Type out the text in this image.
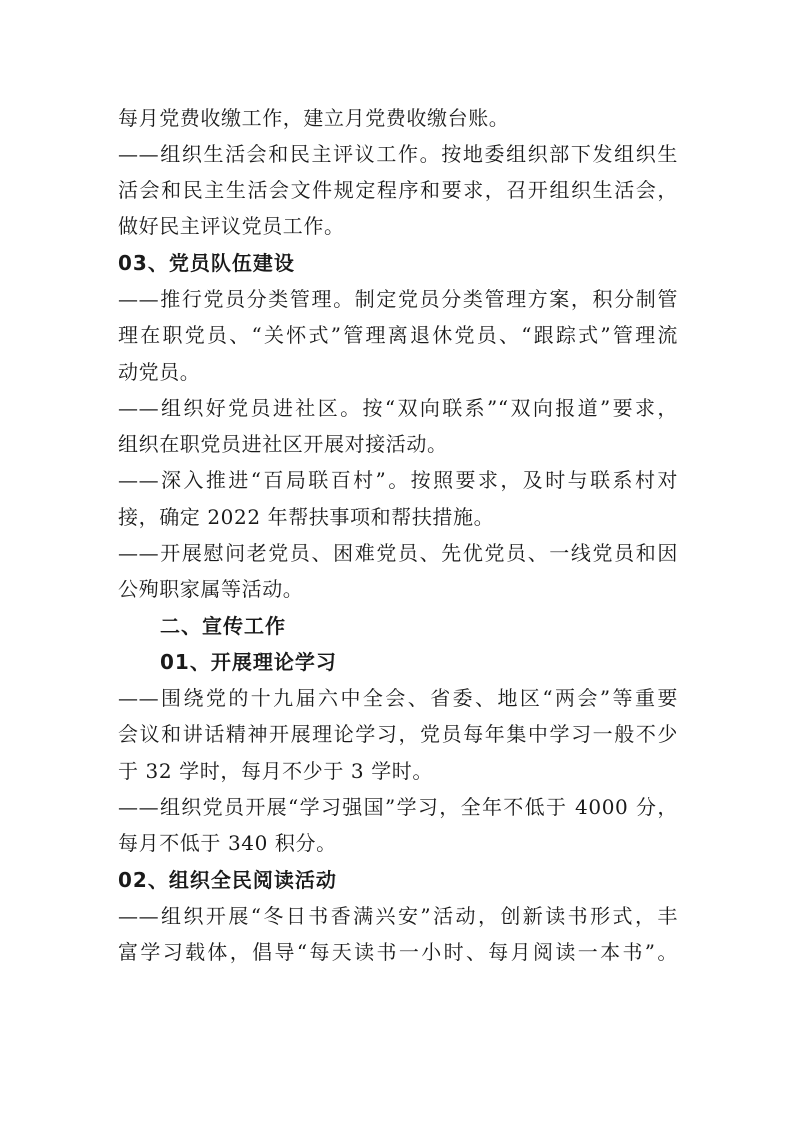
每月党费收缴工作，建立月党费收缴台账。
——组织生活会和民主评议工作。按地委组织部下发组织生
活会和民主生活会文件规定程序和要求，召开组织生活会，
做好民主评议党员工作。
03、党员队伍建设
——推行党员分类管理。制定党员分类管理方案，积分制管
理在职党员、“关怀式”管理离退休党员、“跟踪式”管理流
动党员。
——组织好党员进社区。按“双向联系”“双向报道”要求，
组织在职党员进社区开展对接活动。
——深入推进“百局联百村”。按照要求，及时与联系村对
接，确定 2022 年帮扶事项和帮扶措施。
——开展慰问老党员、困难党员、先优党员、一线党员和因
公殉职家属等活动。
二、宣传工作
01、开展理论学习
——围绕党的十九届六中全会、省委、地区“两会”等重要
会议和讲话精神开展理论学习，党员每年集中学习一般不少
于 32 学时，每月不少于 3 学时。
——组织党员开展“学习强国”学习，全年不低于 4000 分，
每月不低于 340 积分。
02、组织全民阅读活动
——组织开展“冬日书香满兴安”活动，创新读书形式，丰
富学习载体，倡导“每天读书一小时、每月阅读一本书”。
